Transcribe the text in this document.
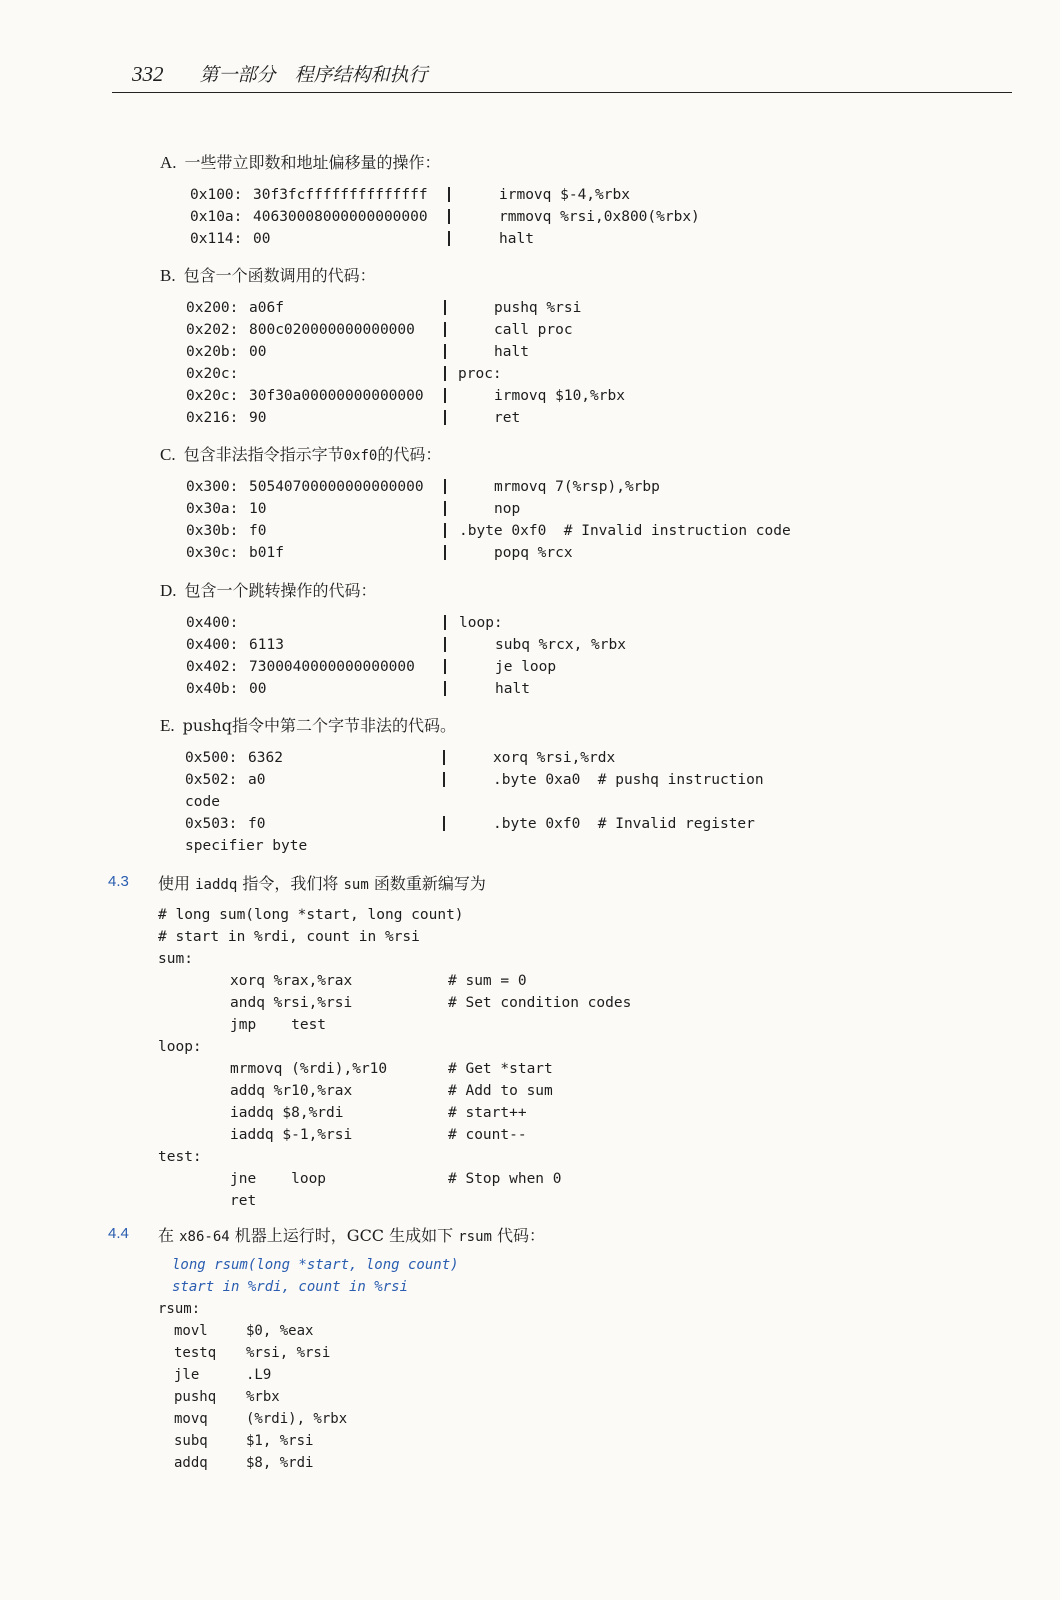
332 第一部分　程序结构和执行
A. 一些带立即数和地址偏移量的操作：
0x100: 30f3fcffffffffffffff	irmovq $-4,%rbx
0x10a: 40630008000000000000	rmmovq %rsi,0x800(%rbx)
0x114: 00	halt
B. 包含一个函数调用的代码：
0x200: a06f	pushq %rsi
0x202: 800c020000000000000	call proc
0x20b: 00	halt
0x20c:	proc:
0x20c: 30f30a00000000000000	irmovq $10,%rbx
0x216: 90	ret
C. 包含非法指令指示字节0xf0的代码：
0x300: 50540700000000000000	mrmovq 7(%rsp),%rbp
0x30a: 10	nop
0x30b: f0	.byte 0xf0  # Invalid instruction code
0x30c: b01f	popq %rcx
D. 包含一个跳转操作的代码：
0x400:	loop:
0x400: 6113	subq %rcx, %rbx
0x402: 7300040000000000000	je loop
0x40b: 00	halt
E. pushq指令中第二个字节非法的代码。
0x500: 6362	xorq %rsi,%rdx
0x502: a0	.byte 0xa0  # pushq instruction
code
0x503: f0	.byte 0xf0  # Invalid register
specifier byte
4.3 使用 iaddq 指令，我们将 sum 函数重新编写为
# long sum(long *start, long count)
# start in %rdi, count in %rsi
sum:
xorq %rax,%rax	# sum = 0
andq %rsi,%rsi	# Set condition codes
jmp    test
loop:
mrmovq (%rdi),%r10	# Get *start
addq %r10,%rax	# Add to sum
iaddq $8,%rdi	# start++
iaddq $-1,%rsi	# count--
test:
jne    loop	# Stop when 0
ret
4.4 在 x86-64 机器上运行时，GCC 生成如下 rsum 代码：
long rsum(long *start, long count)
start in %rdi, count in %rsi
rsum:
movl	$0, %eax
testq %rsi, %rsi
jle	.L9
pushq %rbx
movq	(%rdi), %rbx
subq	$1, %rsi
addq	$8, %rdi
